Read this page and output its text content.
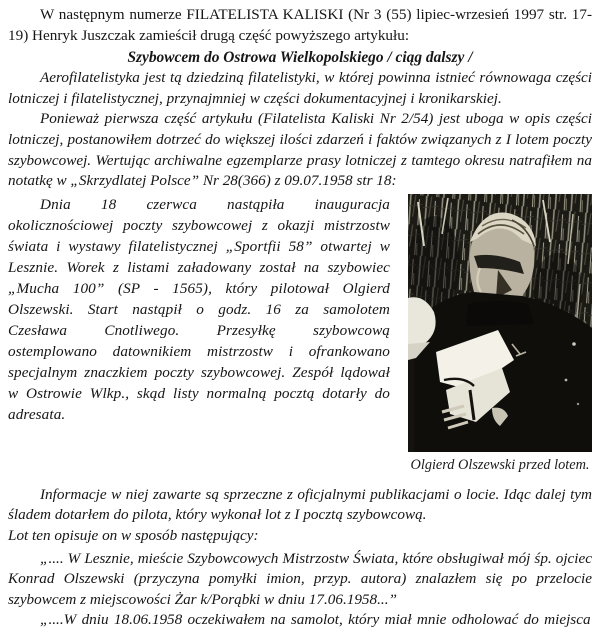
W następnym numerze FILATELISTA KALISKI (Nr 3 (55) lipiec-wrzesień 1997 str. 17-19) Henryk Juszczak zamieścił drugą część powyższego artykułu:

Szybowcem do Ostrowa Wielkopolskiego / ciąg dalszy /

Aerofilatelistyka jest tą dziedziną filatelistyki, w której powinna istnieć równowaga części lotniczej i filatelistycznej, przynajmniej w części dokumentacyjnej i kronikarskiej.

Ponieważ pierwsza część artykułu (Filatelista Kaliski Nr 2/54) jest uboga w opis części lotniczej, postanowiłem dotrzeć do większej ilości zdarzeń i faktów związanych z I lotem poczty szybowcowej. Wertując archiwalne egzemplarze prasy lotniczej z tamtego okresu natrafiłem na notatkę w „Skrzydlatej Polsce” Nr 28(366) z 09.07.1958 str 18:

Dnia 18 czerwca nastąpiła inauguracja okolicznościowej poczty szybowcowej z okazji mistrzostw świata i wystawy filatelistycznej „Sportfii 58” otwartej w Lesznie. Worek z listami załadowany został na szybowiec „Mucha 100” (SP - 1565), który pilotował Olgierd Olszewski. Start nastąpił o godz. 16 za samolotem Czesława Cnotliwego. Przesyłkę szybowcową ostemplowano datownikiem mistrzostw i ofrankowano specjalnym znaczkiem poczty szybowcowej. Zespół lądował w Ostrowie Wlkp., skąd listy normalną pocztą dotarły do adresata.

Olgierd Olszewski przed lotem.

Informacje w niej zawarte są sprzeczne z oficjalnymi publikacjami o locie. Idąc dalej tym śladem dotarłem do pilota, który wykonał lot z I pocztą szybowcową.

Lot ten opisuje on w sposób następujący:

„.... W Lesznie, mieście Szybowcowych Mistrzostw Świata, które obsługiwał mój śp. ojciec Konrad Olszewski (przyczyna pomyłki imion, przyp. autora) znalazłem się po przelocie szybowcem z miejscowości Żar k/Porąbki w dniu 17.06.1958...”

„....W dniu 18.06.1958 oczekiwałem na samolot, który miał mnie odholować do miejsca
